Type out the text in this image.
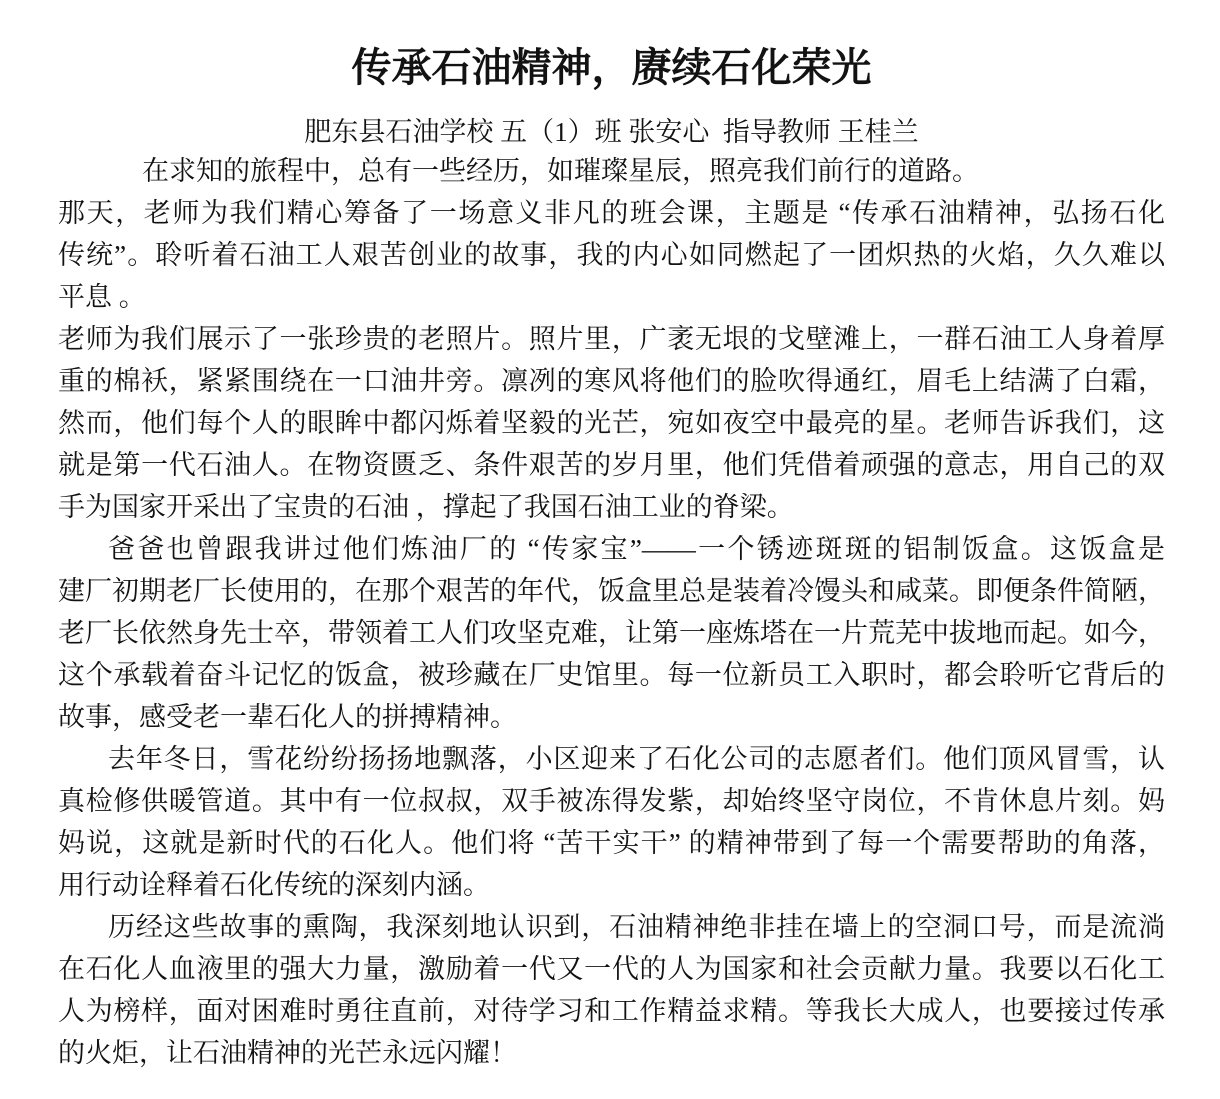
传承石油精神，赓续石化荣光
肥东县石油学校 五（1）班 张安心  指导教师 王桂兰
在求知的旅程中，总有一些经历，如璀璨星辰，照亮我们前行的道路。
那天，老师为我们精心筹备了一场意义非凡的班会课，主题是 “传承石油精神，弘扬石化
传统”。聆听着石油工人艰苦创业的故事，我的内心如同燃起了一团炽热的火焰，久久难以
平息 。
老师为我们展示了一张珍贵的老照片。照片里，广袤无垠的戈壁滩上，一群石油工人身着厚
重的棉袄，紧紧围绕在一口油井旁。凛冽的寒风将他们的脸吹得通红，眉毛上结满了白霜，
然而，他们每个人的眼眸中都闪烁着坚毅的光芒，宛如夜空中最亮的星。老师告诉我们，这
就是第一代石油人。在物资匮乏、条件艰苦的岁月里，他们凭借着顽强的意志，用自己的双
手为国家开采出了宝贵的石油 ，撑起了我国石油工业的脊梁。
爸爸也曾跟我讲过他们炼油厂的 “传家宝”——一个锈迹斑斑的铝制饭盒。这饭盒是
建厂初期老厂长使用的，在那个艰苦的年代，饭盒里总是装着冷馒头和咸菜。即便条件简陋，
老厂长依然身先士卒，带领着工人们攻坚克难，让第一座炼塔在一片荒芜中拔地而起。如今，
这个承载着奋斗记忆的饭盒，被珍藏在厂史馆里。每一位新员工入职时，都会聆听它背后的
故事，感受老一辈石化人的拼搏精神。
去年冬日，雪花纷纷扬扬地飘落，小区迎来了石化公司的志愿者们。他们顶风冒雪，认
真检修供暖管道。其中有一位叔叔，双手被冻得发紫，却始终坚守岗位，不肯休息片刻。妈
妈说，这就是新时代的石化人。他们将 “苦干实干” 的精神带到了每一个需要帮助的角落，
用行动诠释着石化传统的深刻内涵。
历经这些故事的熏陶，我深刻地认识到，石油精神绝非挂在墙上的空洞口号，而是流淌
在石化人血液里的强大力量，激励着一代又一代的人为国家和社会贡献力量。我要以石化工
人为榜样，面对困难时勇往直前，对待学习和工作精益求精。等我长大成人，也要接过传承
的火炬，让石油精神的光芒永远闪耀！
